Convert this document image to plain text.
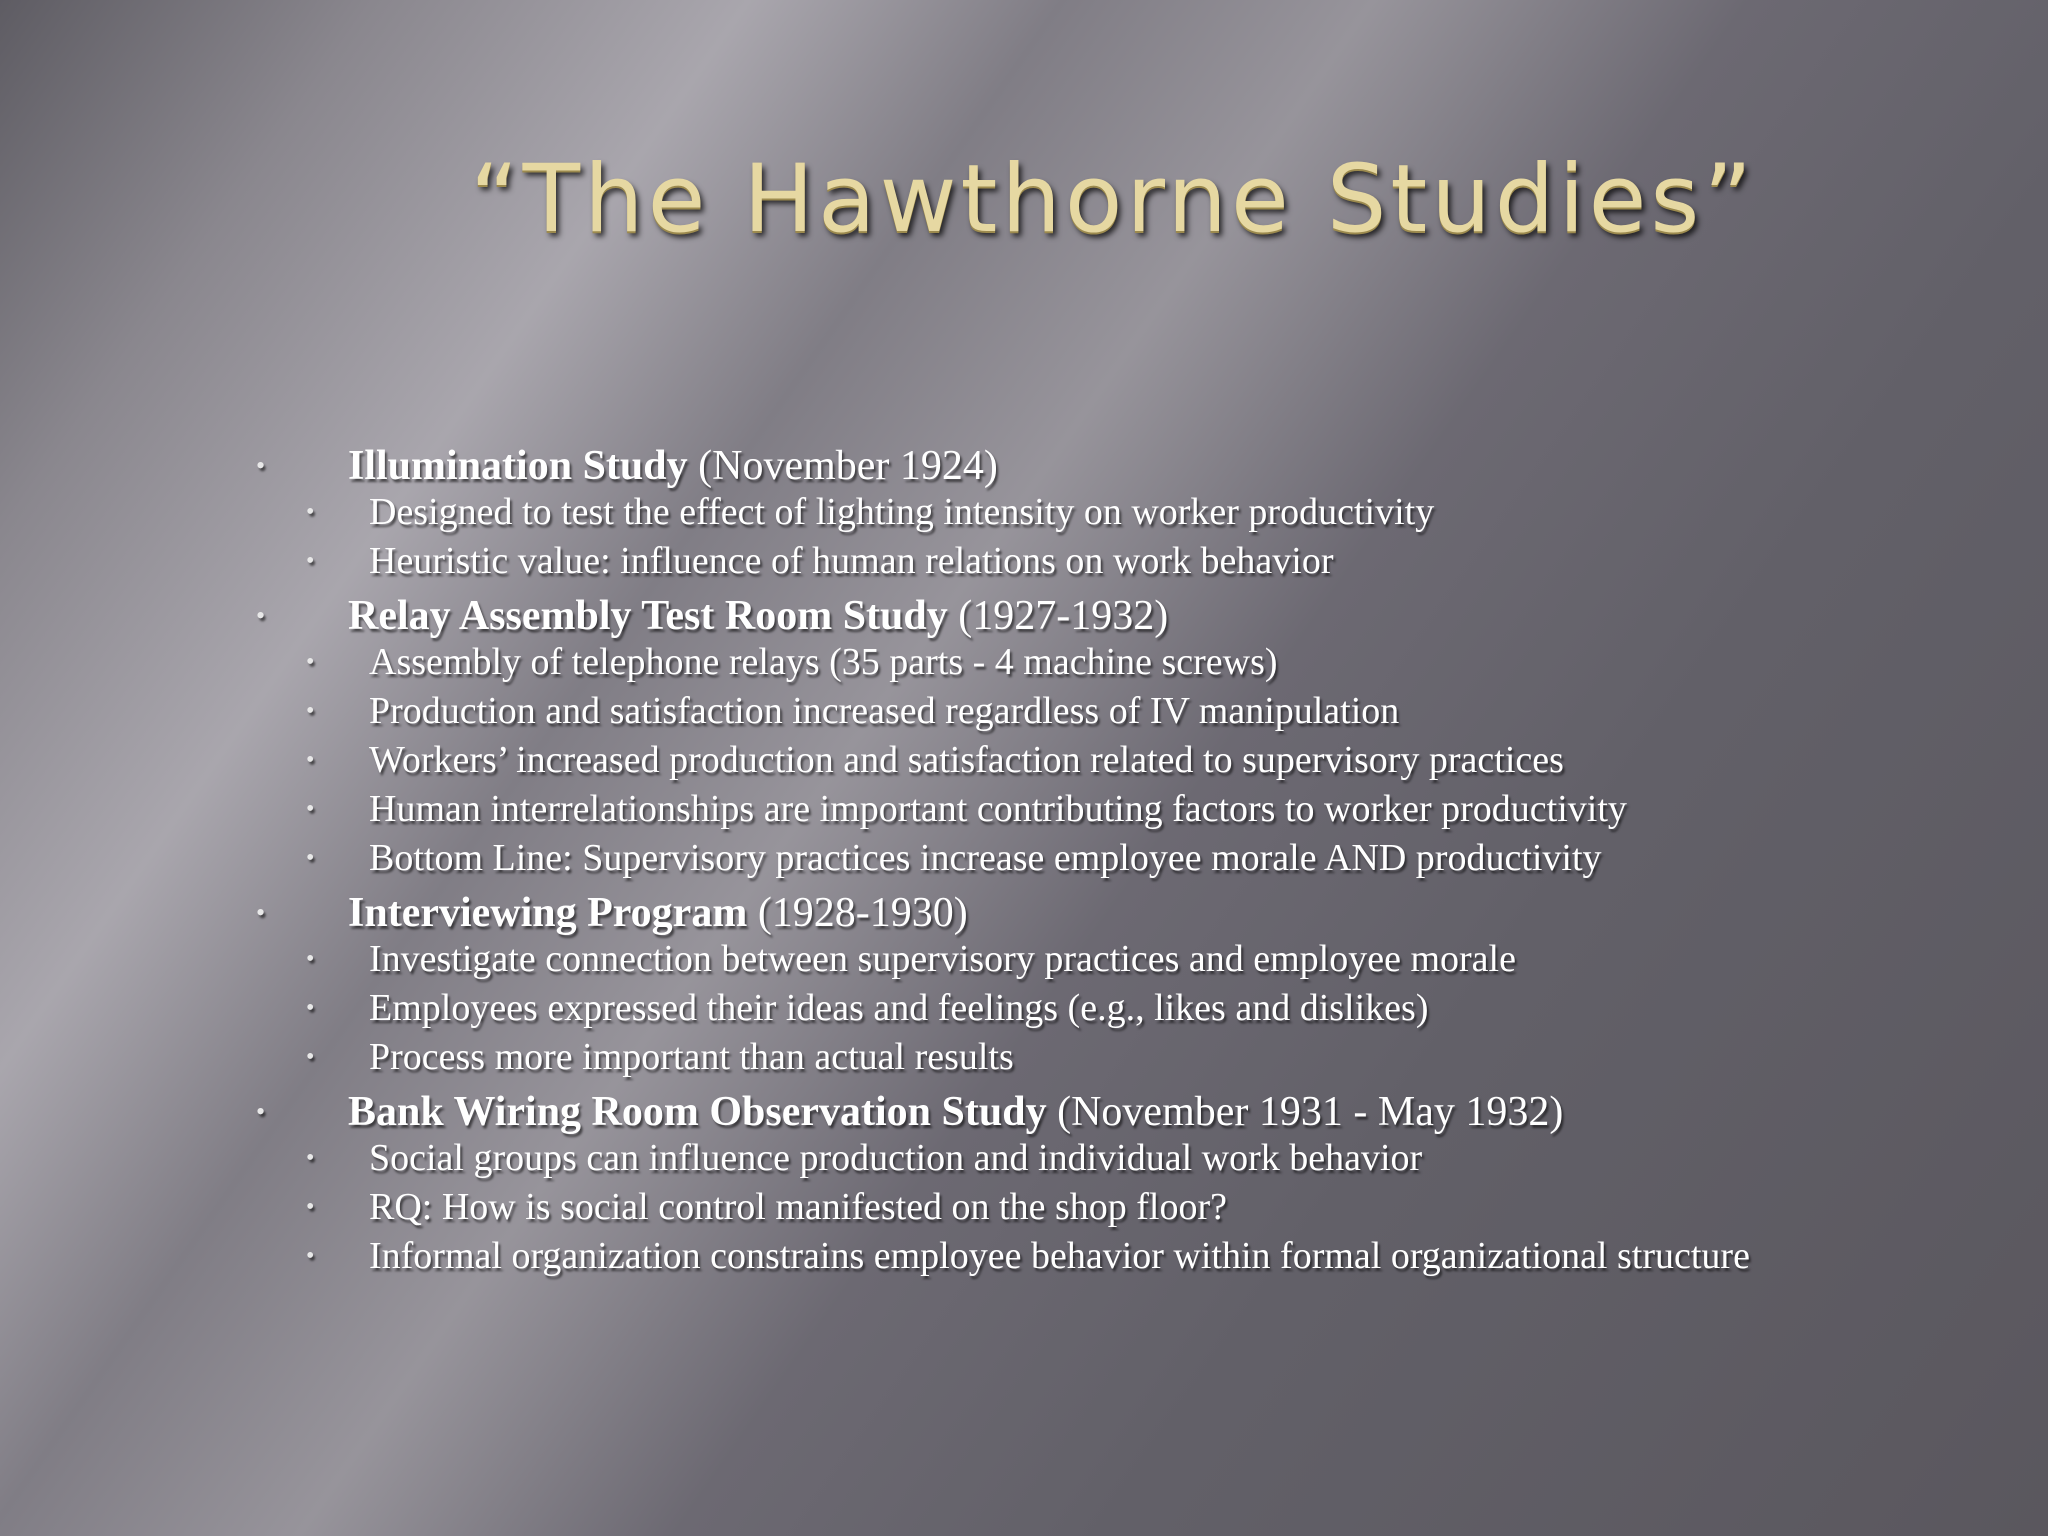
“The Hawthorne Studies”
• Illumination Study (November 1924)
• Designed to test the effect of lighting intensity on worker productivity
• Heuristic value: influence of human relations on work behavior
• Relay Assembly Test Room Study (1927-1932)
• Assembly of telephone relays (35 parts - 4 machine screws)
• Production and satisfaction increased regardless of IV manipulation
• Workers’ increased production and satisfaction related to supervisory practices
• Human interrelationships are important contributing factors to worker productivity
• Bottom Line: Supervisory practices increase employee morale AND productivity
• Interviewing Program (1928-1930)
• Investigate connection between supervisory practices and employee morale
• Employees expressed their ideas and feelings (e.g., likes and dislikes)
• Process more important than actual results
• Bank Wiring Room Observation Study (November 1931 - May 1932)
• Social groups can influence production and individual work behavior
• RQ: How is social control manifested on the shop floor?
• Informal organization constrains employee behavior within formal organizational structure
